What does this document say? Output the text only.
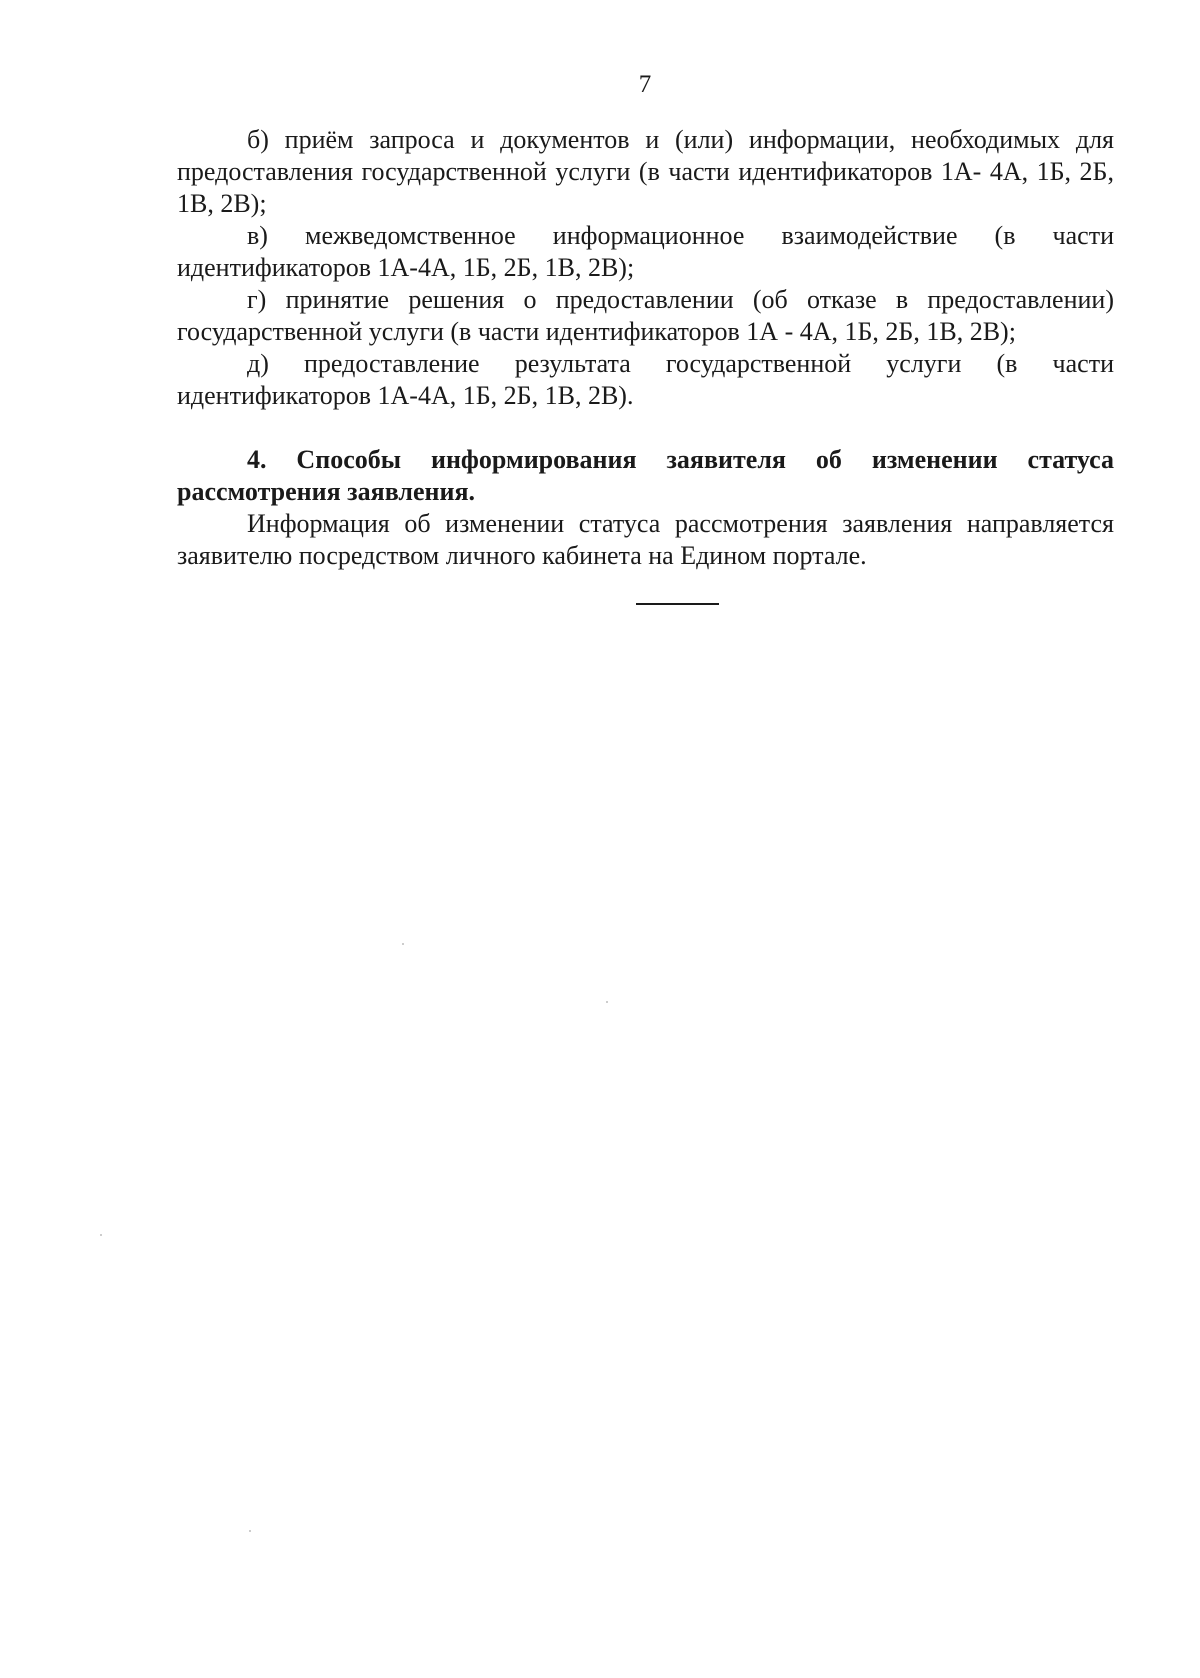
7

б) приём запроса и документов и (или) информации, необходимых для предоставления государственной услуги (в части идентификаторов 1А- 4А, 1Б, 2Б, 1В, 2В);

в) межведомственное информационное взаимодействие (в части идентификаторов 1А-4А, 1Б, 2Б, 1В, 2В);

г) принятие решения о предоставлении (об отказе в предоставлении) государственной услуги (в части идентификаторов 1А - 4А, 1Б, 2Б, 1В, 2В);

д) предоставление результата государственной услуги (в части идентификаторов 1А-4А, 1Б, 2Б, 1В, 2В).

4. Способы информирования заявителя об изменении статуса рассмотрения заявления.

Информация об изменении статуса рассмотрения заявления направляется заявителю посредством личного кабинета на Едином портале.
